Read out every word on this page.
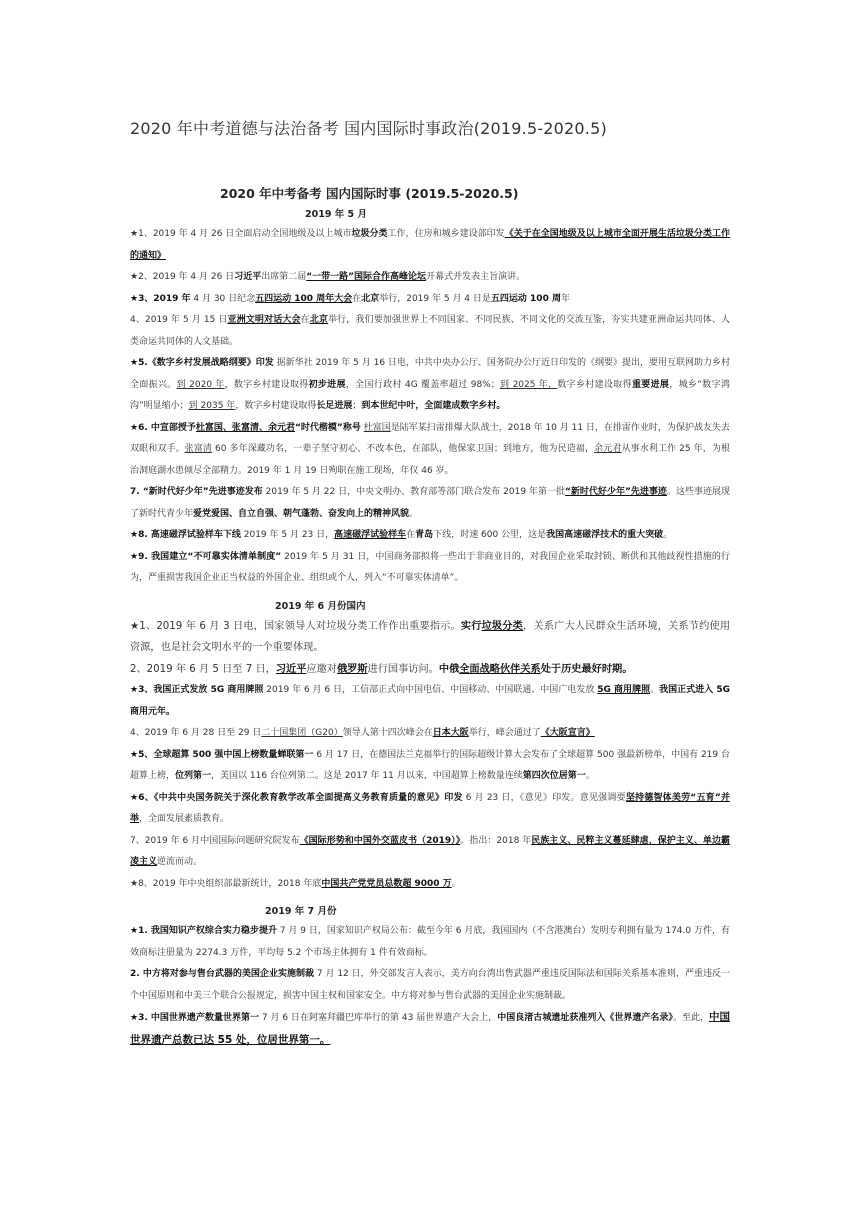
2020 年中考道德与法治备考 国内国际时事政治(2019.5-2020.5)
2020 年中考备考 国内国际时事 (2019.5-2020.5)
2019 年 5 月

★1、2019 年 4 月 26 日全面启动全国地级及以上城市垃圾分类工作，住房和城乡建设部印发《关于在全国地级及以上城市全面开展生活垃圾分类工作的通知》

★2、2019 年 4 月 26 日习近平出席第二届“一带一路”国际合作高峰论坛开幕式并发表主旨演讲。

★3、2019 年 4 月 30 日纪念五四运动 100 周年大会在北京举行，2019 年 5 月 4 日是五四运动 100 周年

4、2019 年 5 月 15 日亚洲文明对话大会在北京举行，我们要加强世界上不同国家、不同民族、不同文化的交流互鉴，夯实共建亚洲命运共同体、人类命运共同体的人文基础。

★5.《数字乡村发展战略纲要》印发 据新华社 2019 年 5 月 16 日电，中共中央办公厅、国务院办公厅近日印发的《纲要》提出，要用互联网助力乡村全面振兴。到 2020 年，数字乡村建设取得初步进展，全国行政村 4G 覆盖率超过 98%；到 2025 年，数字乡村建设取得重要进展，城乡“数字鸿沟”明显缩小；到 2035 年，数字乡村建设取得长足进展；到本世纪中叶，全面建成数字乡村。

★6. 中宣部授予杜富国、张富清、余元君“时代楷模”称号 杜富国是陆军某扫雷排爆大队战士，2018 年 10 月 11 日，在排雷作业时，为保护战友失去双眼和双手。张富清 60 多年深藏功名，一辈子坚守初心、不改本色，在部队，他保家卫国；到地方，他为民造福，余元君从事水利工作 25 年，为根治洞庭湖水患倾尽全部精力。2019 年 1 月 19 日殉职在施工现场，年仅 46 岁。

7. “新时代好少年”先进事迹发布 2019 年 5 月 22 日，中央文明办、教育部等部门联合发布 2019 年第一批“新时代好少年”先进事迹。这些事迹展现了新时代青少年爱党爱国、自立自强、朝气蓬勃、奋发向上的精神风貌。

★8. 高速磁浮试验样车下线 2019 年 5 月 23 日，高速磁浮试验样车在青岛下线，时速 600 公里，这是我国高速磁浮技术的重大突破。

★9. 我国建立“不可靠实体清单制度” 2019 年 5 月 31 日，中国商务部拟将一些出于非商业目的，对我国企业采取封锁、断供和其他歧视性措施的行为，严重损害我国企业正当权益的外国企业、组织或个人，列入“不可靠实体清单”。

2019 年 6 月份国内

★1、2019 年 6 月 3 日电，国家领导人对垃圾分类工作作出重要指示。实行垃圾分类，关系广大人民群众生活环境，关系节约使用资源，也是社会文明水平的一个重要体现。

2、2019 年 6 月 5 日至 7 日，习近平应邀对俄罗斯进行国事访问。中俄全面战略伙伴关系处于历史最好时期。

★3、我国正式发放 5G 商用牌照 2019 年 6 月 6 日，工信部正式向中国电信、中国移动、中国联通、中国广电发放 5G 商用牌照。我国正式进入 5G 商用元年。

4、2019 年 6 月 28 日至 29 日二十国集团（G20）领导人第十四次峰会在日本大阪举行，峰会通过了《大阪宣言》

★5、全球超算 500 强中国上榜数量蝉联第一 6 月 17 日，在德国法兰克福举行的国际超级计算大会发布了全球超算 500 强最新榜单，中国有 219 台超算上榜，位列第一，美国以 116 台位列第二。这是 2017 年 11 月以来，中国超算上榜数量连续第四次位居第一。

★6、《中共中央国务院关于深化教育教学改革全面提高义务教育质量的意见》印发 6 月 23 日，《意见》印发。意见强调要坚持德智体美劳“五育”并举，全面发展素质教育。

7、2019 年 6 月中国国际问题研究院发布《国际形势和中国外交蓝皮书（2019）》。指出：2018 年民族主义、民粹主义蔓延肆虐，保护主义、单边霸凌主义逆流而动。

★8、2019 年中央组织部最新统计，2018 年底中国共产党党员总数超 9000 万。

2019 年 7 月份

★1. 我国知识产权综合实力稳步提升 7 月 9 日，国家知识产权局公布：截至今年 6 月底，我国国内（不含港澳台）发明专利拥有量为 174.0 万件，有效商标注册量为 2274.3 万件，平均每 5.2 个市场主体拥有 1 件有效商标。

2. 中方将对参与售台武器的美国企业实施制裁 7 月 12 日，外交部发言人表示，美方向台湾出售武器严重违反国际法和国际关系基本准则，严重违反一个中国原则和中美三个联合公报规定，损害中国主权和国家安全。中方将对参与售台武器的美国企业实施制裁。

★3. 中国世界遗产数量世界第一 7 月 6 日在阿塞拜疆巴库举行的第 43 届世界遗产大会上，中国良渚古城遗址获准列入《世界遗产名录》。至此，中国世界遗产总数已达 55 处，位居世界第一。
